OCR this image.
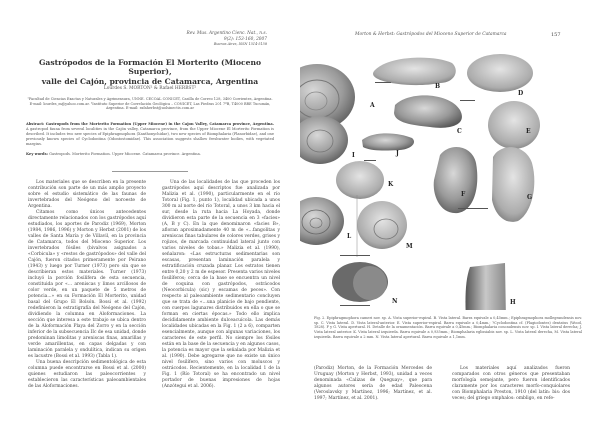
Rev. Mus. Argentino Cienc. Nat., n.s.
9(2): 153-160, 2007
Buenos Aires, ISSN 1514-5158
Gastrópodos de la Formación El Morterito (Mioceno Superior),
valle del Cajón, provincia de Catamarca, Argentina
Lourdes S. MORTON¹ & Rafael HERBST²
¹Facultad de Ciencias Exactas y Naturales y Agrimensura, UNNE. CECOAL CONICET, Casilla de Correo 128, 3400 Corrientes, Argentina. E-mail: lourdes_m@yahoo.com.ar. ²Instituto Superior de Correlación Geológica – CONICET, Las Piedras 201 7ºB, T4000 BRE Tucumán, Argentina. E-mail: rafaherbst@uolsinectis.com.ar
Abstract: Gastropods from the Morterito Formation (Upper Miocene) in the Cajon Valley, Catamarca province, Argentina. A gastropod fauna from several localities in the Cajón valley, Catamarca province, from the Upper Miocene El Morterito Formation is described. It includes two new species of Epiphragmophora (Xanthonychidae), two new species of Biomphalaria (Planorbidae), and one previously known species of Cyclodontina (Odontostomidae). This association suggests shallow freshwater bodies, with vegetated margins.
Key words: Gastropods. Morterito Formation. Upper Miocene. Catamarca province. Argentina.

Los materiales que se describen en la presente contribución son parte de un más amplio proyecto sobre el estudio sistemático de las faunas de invertebrados del Neógeno del noroeste de Argentina.

Citamos como únicos antecedentes directamente relacionados con los gastrópodos aquí estudiados, los aportes de Parodiz (1969), Morton (1984, 1986, 1996) y Morton y Herbst (2001) de los valles de Santa María y de Villavil, en la provincia de Catamarca, todos del Mioceno Superior. Los invertebrados fósiles (bivalvos asignados a «Corbicula» y «restos de gastrópodos» del valle del Cajón, fueron citados primeramente por Peirano (1943) y luego por Turner (1973) pero sin que se describieran estos materiales. Turner (1973) incluyó la porción fosilífera de esta secuencia, constituida por «... areniscas y limos arcillosos de color verde, en un paquete de 5 metros de potencia...» en su Formación El Morterito, unidad basal del Grupo El Bolsón. Bossi et al. (1992) redefinieron la estratigrafía del Neógeno del Cajón, dividiendo la columna en Aloformaciones. La sección que interesa a este trabajo se ubica dentro de la Aloformación Playa del Zorro y en la sección inferior de la subsecuencia IIc de esa unidad, donde predominan limolitas y areniscas finas, amarillas y verde amarillentas, en capas delgadas y con laminación paralela y ondulítica, indican su origen es lacustre (Bossi et al. 1993) (Tabla 1).

Una buena descripción sedimentológica de esta columna puede encontrarse en Bossi et al. (2000) quienes estudiaron las paleocorrientes y establecieron las características paleoambientales de las Aloformaciones.

Una de las localidades de las que proceden los gastrópodos aquí descriptos fue analizada por Malizia et al. (1990), particularmente en el río Totoral (Fig. 1, punto 1), localidad ubicada a unos 300 m al norte del río Totoral, a unos 3 km hacia el sur, desde la ruta hacia La Hoyada, donde dividieron esta parte de la secuencia en 3 «facies» (A, B y C). En la que denominaron «facies B», afloran aproximadamente 40 m de «...fangolitas y areniscas finas tabulares de colores verdes, grises y rojizos, de marcada continuidad lateral junto con varios niveles de tobas.» Malizia et al. (1990), señalaron: «Las estructuras sedimentarias son escasas, presentan laminación paralela y estratificación cruzada planar. Los estratos tienen entre 0,20 y 2 m de espesor. Presenta varios niveles fosilíferos; cerca de la base se encuentra un nivel de coquina con gastrópodos, ostrácodos (Neocorbicula) (sic) y escamas de peces». Con respecto al paleoambiente sedimentario concluyen que se trata de «...una planicie de bajo pendiente, con cuerpos lagunares distribuidos en ella o que se forman en ciertas épocas.» Todo ello implica decididamente ambiente dulceacuícola. Las demás localidades ubicadas en la Fig. 1 (2 a 6), comparten esencialmente, aunque con algunas variaciones, los caracteres de este perfil. No siempre los fósiles están en la base de la secuencia y en algunos casos, la potencia es mayor que la señalada por Malizia et al. (1990). Debe agregarse que no existe un único nivel fosilífero, sino varios con moluscos y ostrácodos. Recientemente, en la localidad 1 de la Fig. 1 (Río Totoral) se ha encontrado un nivel portador de buenas impresiones de hojas (Anzótegui et al. 2006).

Morton & Herbst: Gastrópodos del Mioceno Superior de Catamarca	157
A
B
C
D
E
F	G
H
I	J
K
L
M
N
Fig. 2. Epiphragmophora cameri nov. sp. A. Vista superior-espiral. B. Vista lateral. Barra equivale a 0,45mm.; Epiphragmophora mollegrandensis nov. sp. C. Vista lateral. D. Vista lateral-anterior. E. Vista superior-espiral. Barra equivale a 0,4mm.; ?Cyclodontina cf. (Plagiodontes) dentatus (Wood, 1828). F y G. Vista apertural. H. Detalle de la ornamentación. Barra equivale a 0,45mm.; Biomphalaria concaulensis nov. sp. I. Vista lateral derecha; J. Vista lateral anterior. K. Vista lateral izquierda. Barra equivale a 0,935mm.; Biomphalaria eglissiabis nov. sp. L. Vista lateral derecha, M. Vista lateral izquierda. Barra equivale a 2 mm. N. Vista lateral apertural. Barra equivale a 1,1mm.

(Parodiz) Morton, de la Formación Mercedes de Uruguay (Morton y Herbst, 1993), unidad a veces denominada «Calizas de Queguay», que para algunos autores sería de edad Paleocena (Veroslavsky y Martínez, 1996; Martínez, et al. 1997; Martínez, et al. 2001).

Los materiales aquí analizados fueron comparados con otros géneros que presentaban morfología semejante, pero fueron identificados claramente por los caracteres morfo-conquiolares con Biomphalaria Preston, 1910 (del latín: bis: dos veces; del griego omphalos: ombligo, en refe-
